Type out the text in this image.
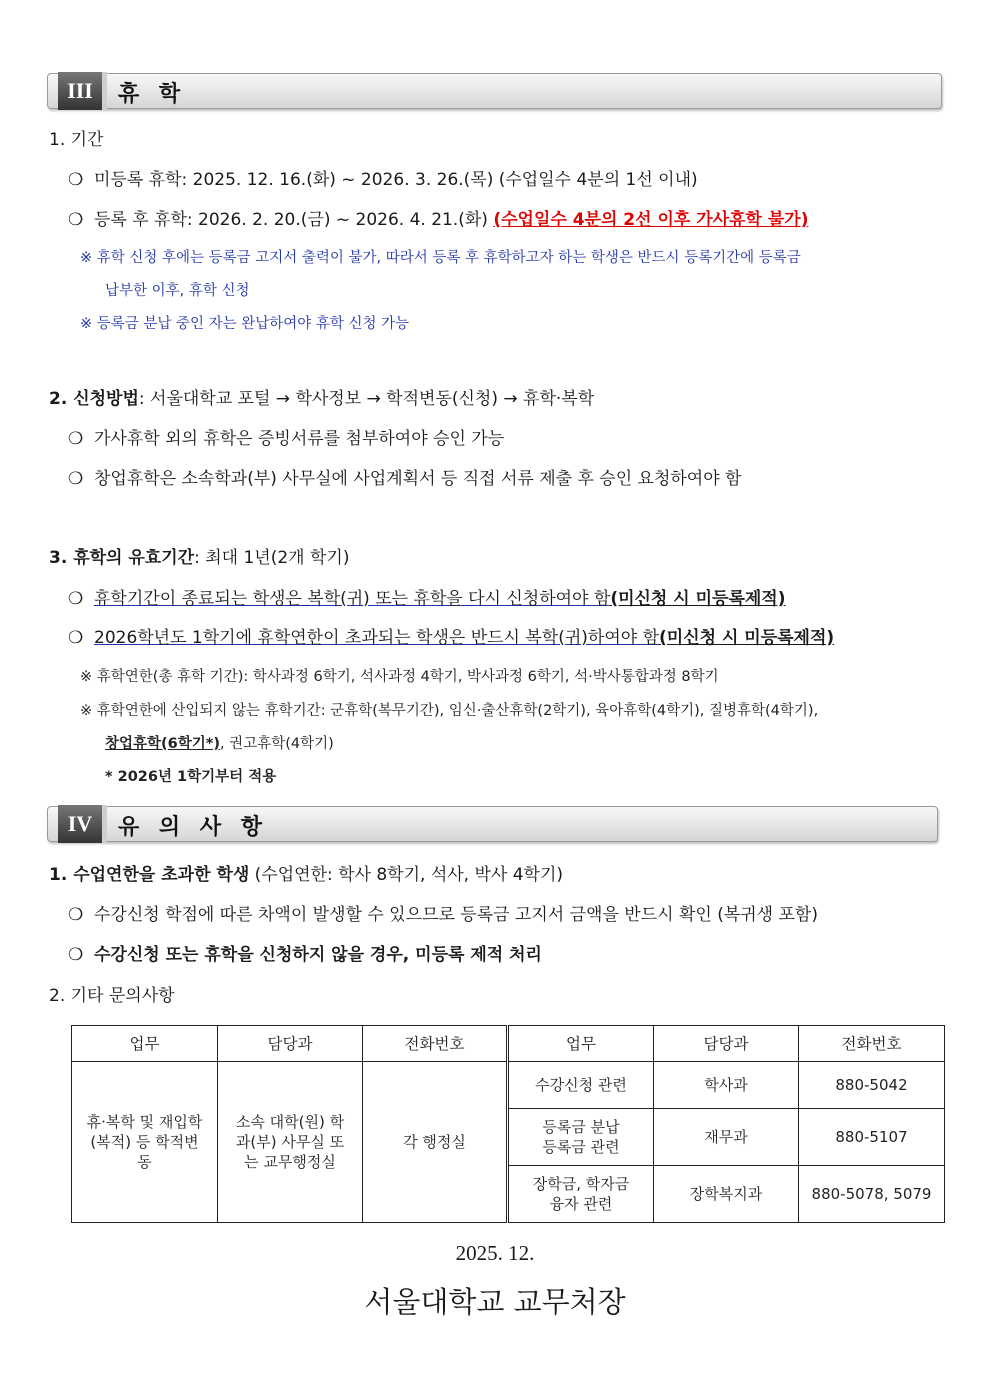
III	휴 학
1. 기간
❍ 미등록 휴학: 2025. 12. 16.(화) ~ 2026. 3. 26.(목) (수업일수 4분의 1선 이내)
❍ 등록 후 휴학: 2026. 2. 20.(금) ~ 2026. 4. 21.(화) (수업일수 4분의 2선 이후 가사휴학 불가)
※ 휴학 신청 후에는 등록금 고지서 출력이 불가, 따라서 등록 후 휴학하고자 하는 학생은 반드시 등록기간에 등록금
납부한 이후, 휴학 신청
※ 등록금 분납 중인 자는 완납하여야 휴학 신청 가능
2. 신청방법: 서울대학교 포털 → 학사정보 → 학적변동(신청) → 휴학·복학
❍ 가사휴학 외의 휴학은 증빙서류를 첨부하여야 승인 가능
❍ 창업휴학은 소속학과(부) 사무실에 사업계획서 등 직접 서류 제출 후 승인 요청하여야 함
3. 휴학의 유효기간: 최대 1년(2개 학기)
❍ 휴학기간이 종료되는 학생은 복학(귀) 또는 휴학을 다시 신청하여야 함(미신청 시 미등록제적)
❍ 2026학년도 1학기에 휴학연한이 초과되는 학생은 반드시 복학(귀)하여야 함(미신청 시 미등록제적)
※ 휴학연한(총 휴학 기간): 학사과정 6학기, 석사과정 4학기, 박사과정 6학기, 석·박사통합과정 8학기
※ 휴학연한에 산입되지 않는 휴학기간: 군휴학(복무기간), 임신·출산휴학(2학기), 육아휴학(4학기), 질병휴학(4학기),
창업휴학(6학기*), 권고휴학(4학기)
* 2026년 1학기부터 적용
IV	유 의 사 항
1. 수업연한을 초과한 학생 (수업연한: 학사 8학기, 석사, 박사 4학기)
❍ 수강신청 학점에 따른 차액이 발생할 수 있으므로 등록금 고지서 금액을 반드시 확인 (복귀생 포함)
❍ 수강신청 또는 휴학을 신청하지 않을 경우, 미등록 제적 처리
2. 기타 문의사항
업무	담당과	전화번호	업무	담당과	전화번호
휴·복학 및 재입학(복적) 등 학적변동	소속 대학(원) 학과(부) 사무실 또는 교무행정실	각 행정실	수강신청 관련	학사과	880-5042
			등록금 분납 등록금 관련	재무과	880-5107
			장학금, 학자금 융자 관련	장학복지과	880-5078, 5079
2025. 12.
서울대학교 교무처장
